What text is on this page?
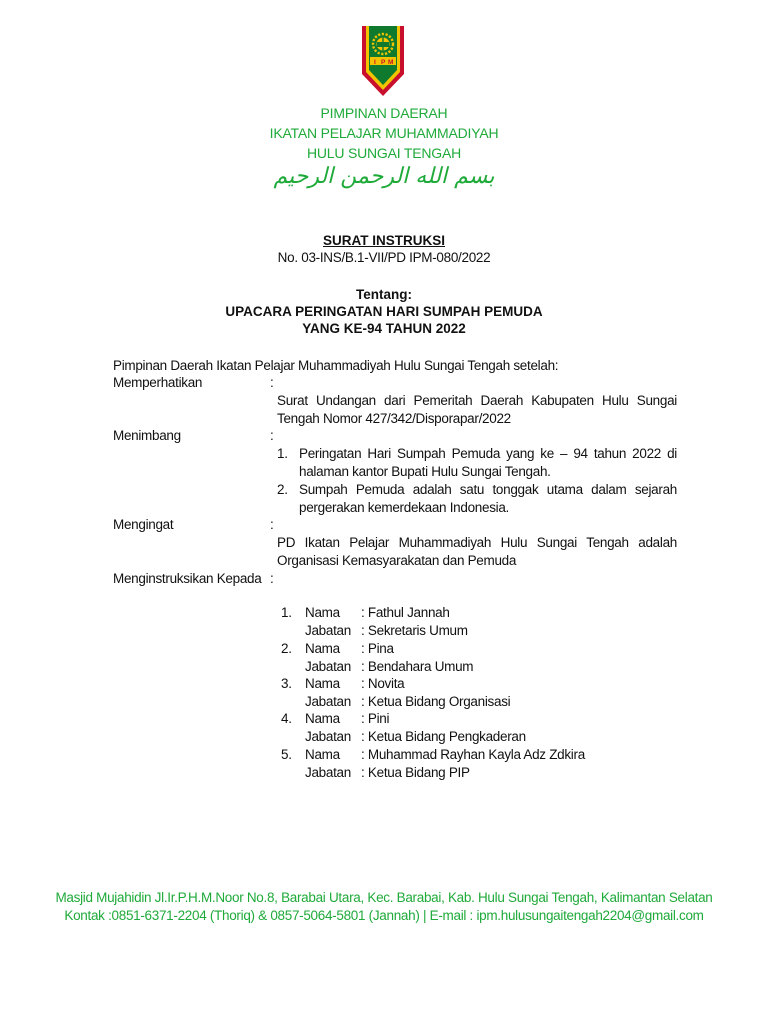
I P M
PIMPINAN DAERAH
IKATAN PELAJAR MUHAMMADIYAH
HULU SUNGAI TENGAH
بسم الله الرحمن الرحيم
SURAT INSTRUKSI
No. 03-INS/B.1-VII/PD IPM-080/2022
Tentang:
UPACARA PERINGATAN HARI SUMPAH PEMUDA
YANG KE-94 TAHUN 2022
Pimpinan Daerah Ikatan Pelajar Muhammadiyah Hulu Sungai Tengah setelah:
Memperhatikan	:
Surat Undangan dari Pemeritah Daerah Kabupaten Hulu Sungai Tengah Nomor 427/342/Disporapar/2022
Menimbang	:
1. Peringatan Hari Sumpah Pemuda yang ke – 94 tahun 2022 di halaman kantor Bupati Hulu Sungai Tengah.
2. Sumpah Pemuda adalah satu tonggak utama dalam sejarah pergerakan kemerdekaan Indonesia.
Mengingat	:
PD Ikatan Pelajar Muhammadiyah Hulu Sungai Tengah adalah Organisasi Kemasyarakatan dan Pemuda
Menginstruksikan Kepada :
1. Nama : Fathul Jannah
Jabatan : Sekretaris Umum
2. Nama : Pina
Jabatan : Bendahara Umum
3. Nama : Novita
Jabatan : Ketua Bidang Organisasi
4. Nama : Pini
Jabatan : Ketua Bidang Pengkaderan
5. Nama : Muhammad Rayhan Kayla Adz Zdkira
Jabatan : Ketua Bidang PIP
Masjid Mujahidin Jl.Ir.P.H.M.Noor No.8, Barabai Utara, Kec. Barabai, Kab. Hulu Sungai Tengah, Kalimantan Selatan
Kontak :0851-6371-2204 (Thoriq) & 0857-5064-5801 (Jannah) | E-mail : ipm.hulusungaitengah2204@gmail.com
